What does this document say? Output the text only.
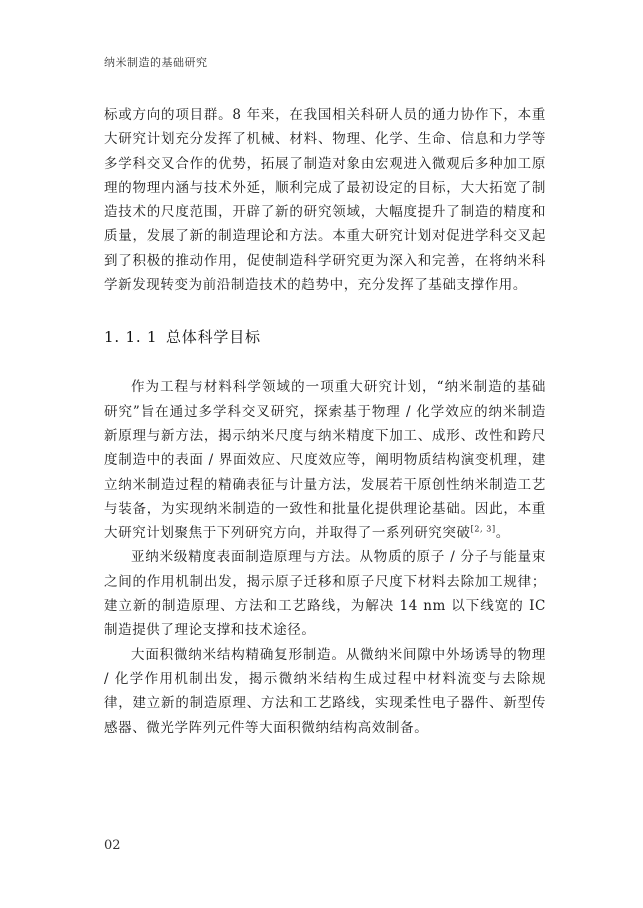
纳米制造的基础研究

标或方向的项目群。8 年来，在我国相关科研人员的通力协作下，本重大研究计划充分发挥了机械、材料、物理、化学、生命、信息和力学等多学科交叉合作的优势，拓展了制造对象由宏观进入微观后多种加工原理的物理内涵与技术外延，顺利完成了最初设定的目标，大大拓宽了制造技术的尺度范围，开辟了新的研究领域，大幅度提升了制造的精度和质量，发展了新的制造理论和方法。本重大研究计划对促进学科交叉起到了积极的推动作用，促使制造科学研究更为深入和完善，在将纳米科学新发现转变为前沿制造技术的趋势中，充分发挥了基础支撑作用。

1. 1. 1 总体科学目标

作为工程与材料科学领域的一项重大研究计划，“纳米制造的基础研究”旨在通过多学科交叉研究，探索基于物理 / 化学效应的纳米制造新原理与新方法，揭示纳米尺度与纳米精度下加工、成形、改性和跨尺度制造中的表面 / 界面效应、尺度效应等，阐明物质结构演变机理，建立纳米制造过程的精确表征与计量方法，发展若干原创性纳米制造工艺与装备，为实现纳米制造的一致性和批量化提供理论基础。因此，本重大研究计划聚焦于下列研究方向，并取得了一系列研究突破[2, 3]。

亚纳米级精度表面制造原理与方法。从物质的原子 / 分子与能量束之间的作用机制出发，揭示原子迁移和原子尺度下材料去除加工规律；建立新的制造原理、方法和工艺路线，为解决 14 nm 以下线宽的 IC 制造提供了理论支撑和技术途径。

大面积微纳米结构精确复形制造。从微纳米间隙中外场诱导的物理 / 化学作用机制出发，揭示微纳米结构生成过程中材料流变与去除规律，建立新的制造原理、方法和工艺路线，实现柔性电子器件、新型传感器、微光学阵列元件等大面积微纳结构高效制备。

02
